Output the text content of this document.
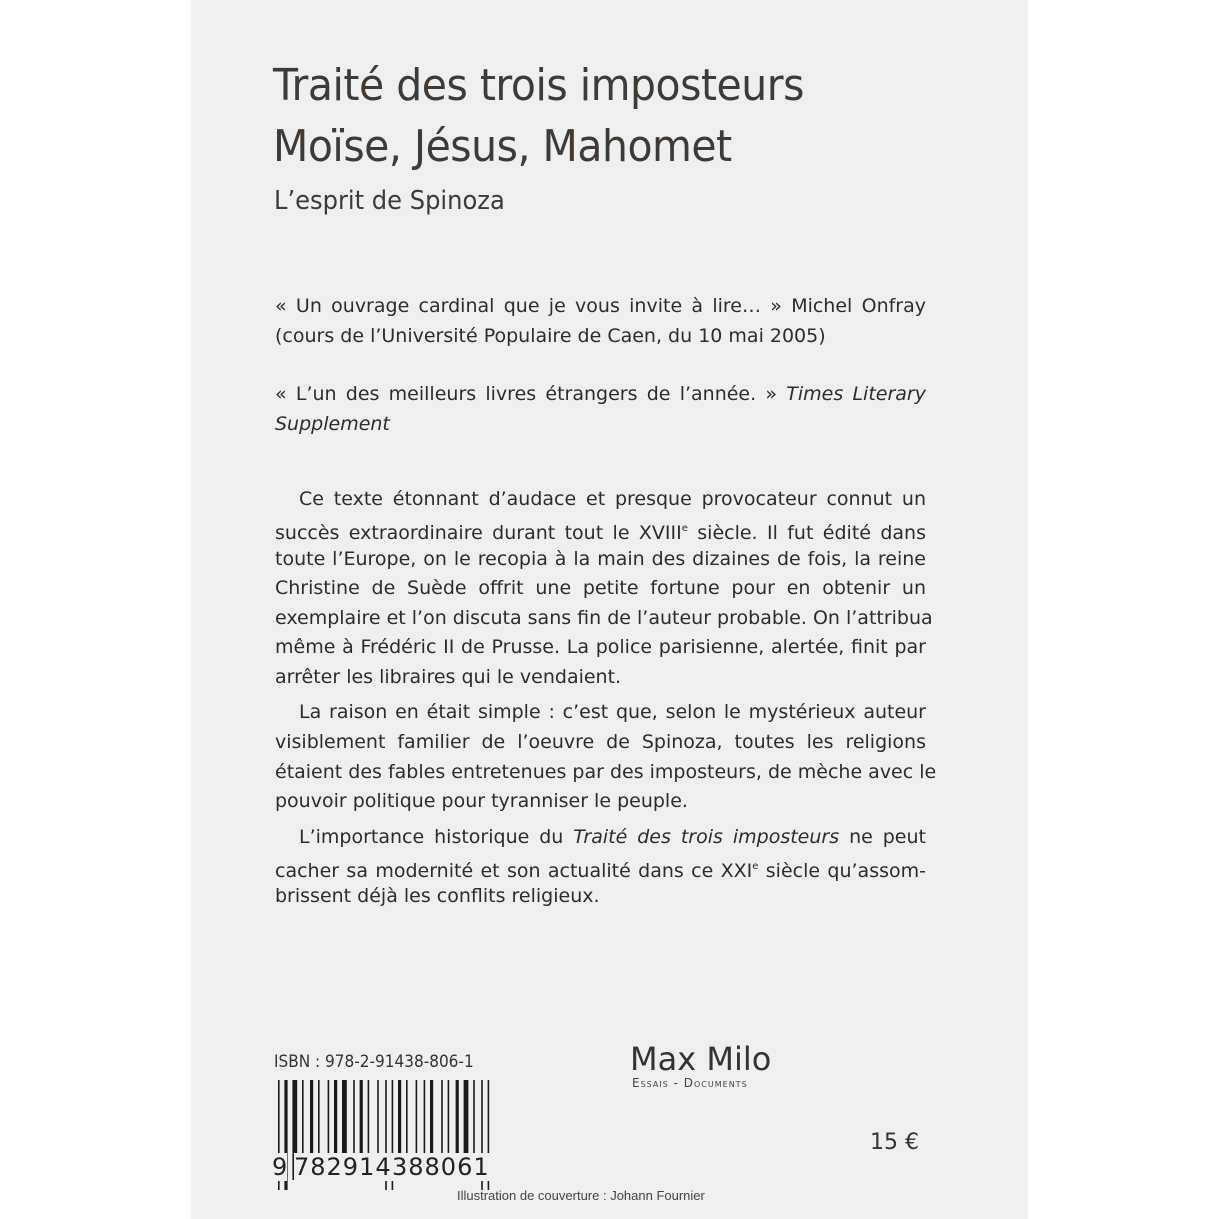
Traité des trois imposteurs
Moïse, Jésus, Mahomet
L’esprit de Spinoza
« Un ouvrage cardinal que je vous invite à lire… » Michel Onfray
(cours de l’Université Populaire de Caen, du 10 mai 2005)
« L’un des meilleurs livres étrangers de l’année. » Times Literary
Supplement
Ce texte étonnant d’audace et presque provocateur connut un
succès extraordinaire durant tout le XVIIIe siècle. Il fut édité dans
toute l’Europe, on le recopia à la main des dizaines de fois, la reine
Christine de Suède offrit une petite fortune pour en obtenir un
exemplaire et l’on discuta sans fin de l’auteur probable. On l’attribua
même à Frédéric II de Prusse. La police parisienne, alertée, finit par
arrêter les libraires qui le vendaient.
La raison en était simple : c’est que, selon le mystérieux auteur
visiblement familier de l’oeuvre de Spinoza, toutes les religions
étaient des fables entretenues par des imposteurs, de mèche avec le
pouvoir politique pour tyranniser le peuple.
L’importance historique du Traité des trois imposteurs ne peut
cacher sa modernité et son actualité dans ce XXIe siècle qu’assom-
brissent déjà les conflits religieux.
ISBN : 978-2-91438-806-1
9 782914 388061
Max Milo
Essais - Documents
15 €
Illustration de couverture : Johann Fournier
